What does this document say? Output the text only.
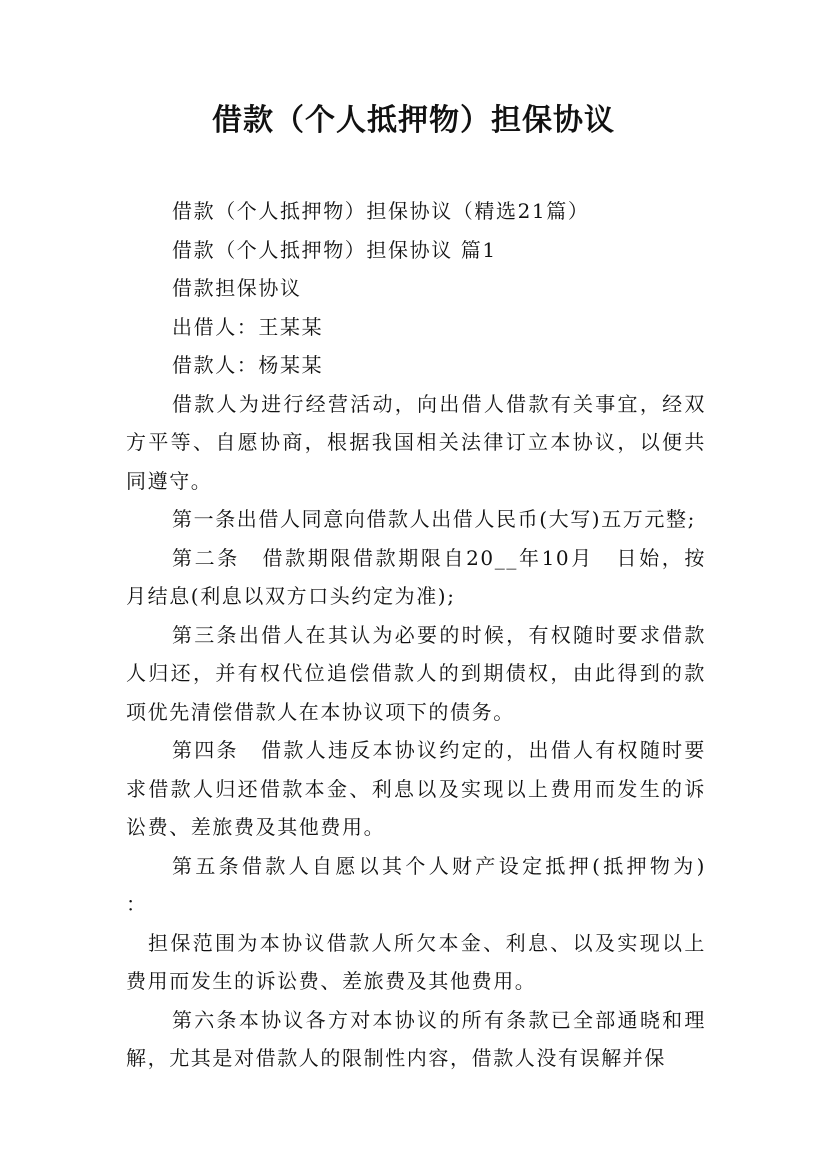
借款（个人抵押物）担保协议

借款（个人抵押物）担保协议（精选21篇）

借款（个人抵押物）担保协议 篇1

借款担保协议

出借人：王某某

借款人：杨某某

借款人为进行经营活动，向出借人借款有关事宜，经双方平等、自愿协商，根据我国相关法律订立本协议，以便共同遵守。

第一条出借人同意向借款人出借人民币(大写)五万元整;

第二条　借款期限借款期限自20__年10月　日始，按月结息(利息以双方口头约定为准);

第三条出借人在其认为必要的时候，有权随时要求借款人归还，并有权代位追偿借款人的到期债权，由此得到的款项优先清偿借款人在本协议项下的债务。

第四条　借款人违反本协议约定的，出借人有权随时要求借款人归还借款本金、利息以及实现以上费用而发生的诉讼费、差旅费及其他费用。

第五条借款人自愿以其个人财产设定抵押(抵押物为)　：

担保范围为本协议借款人所欠本金、利息、以及实现以上费用而发生的诉讼费、差旅费及其他费用。

第六条本协议各方对本协议的所有条款已全部通晓和理解，尤其是对借款人的限制性内容，借款人没有误解并保
